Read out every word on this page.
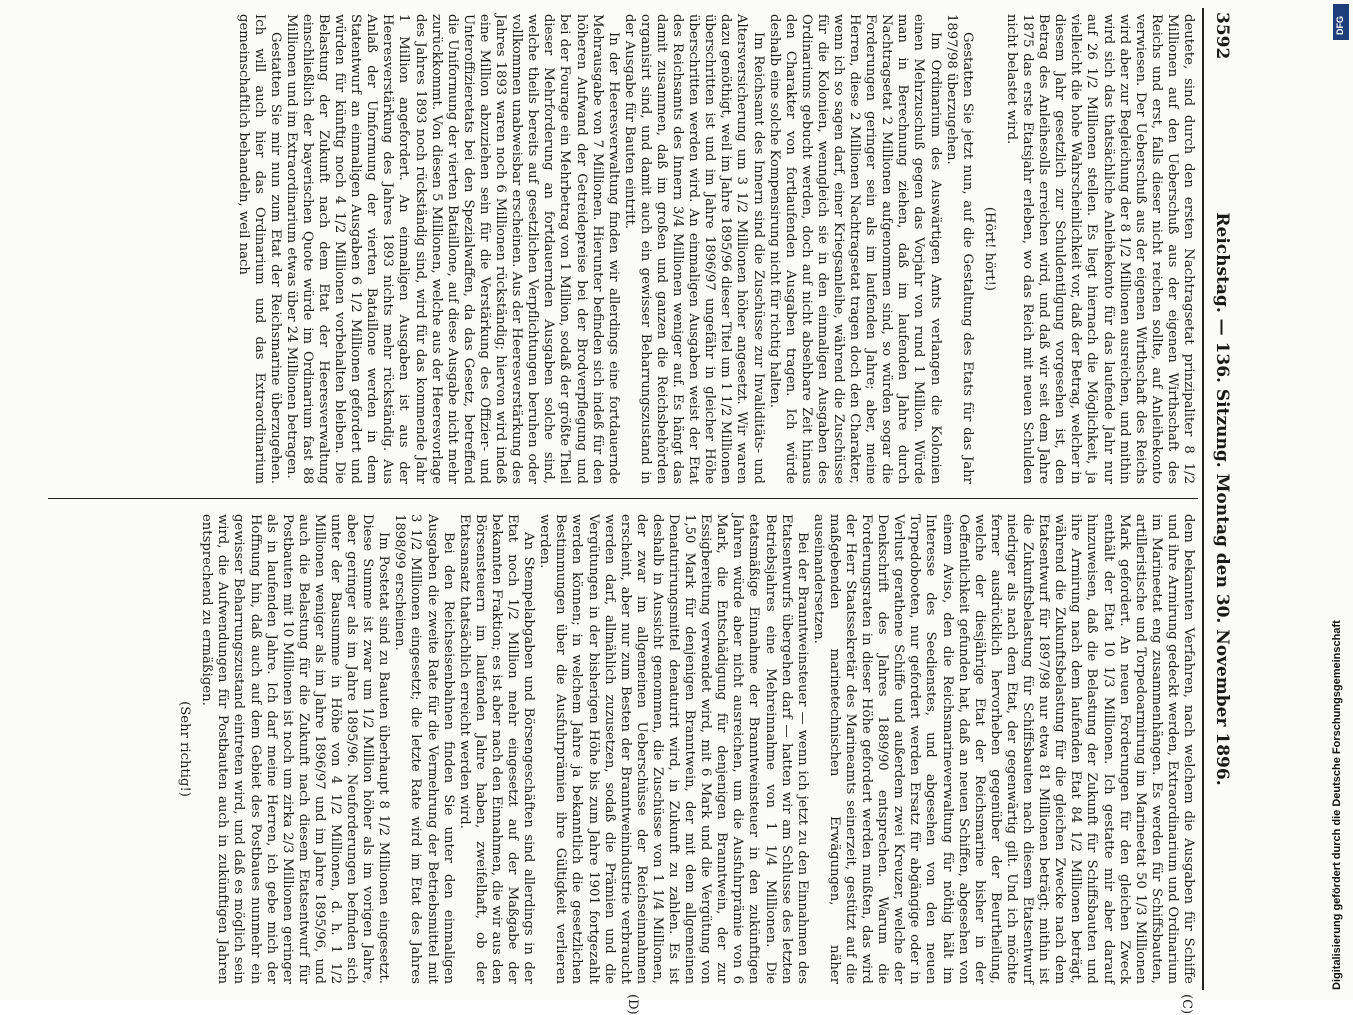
3592
Reichstag. — 136. Sitzung. Montag den 30. November 1896.
(C)
(D)

deutete, sind durch den ersten Nachtragsetat prinzipaliter 8 1/2 Millionen auf den Ueberschuß aus der eigenen Wirthschaft des Reichs und erst, falls dieser nicht reichen sollte, auf Anleihekonto verwiesen. Der Ueberschuß aus der eigenen Wirthschaft des Reichs wird aber zur Begleichung der 8 1/2 Millionen ausreichen, und mithin wird sich das thatsächliche Anleihekonto für das laufende Jahr nur auf 26 1/2 Millionen stellen. Es liegt hiernach die Möglichkeit, ja vielleicht die hohe Wahrscheinlichkeit vor, daß der Betrag, welcher in diesem Jahr gesetzlich zur Schuldentilgung vorgesehen ist, den Betrag des Anleihesolls erreichen wird, und daß wir seit dem Jahre 1875 das erste Etatsjahr erleben, wo das Reich mit neuen Schulden nicht belastet wird.

(Hört! hört!)

Gestatten Sie jetzt nun, auf die Gestaltung des Etats für das Jahr 1897/98 überzugehen.

Im Ordinarium des Auswärtigen Amts verlangen die Kolonien einen Mehrzuschuß gegen das Vorjahr von rund 1 Million. Würde man in Berechnung ziehen, daß im laufenden Jahre durch Nachtragsetat 2 Millionen aufgenommen sind, so würden sogar die Forderungen geringer sein als im laufenden Jahre; aber, meine Herren, diese 2 Millionen Nachtragsetat tragen doch den Charakter, wenn ich so sagen darf, einer Kriegsanleihe, während die Zuschüsse für die Kolonien, wenngleich sie in den einmaligen Ausgaben des Ordinariums gebucht werden, doch auf nicht absehbare Zeit hinaus den Charakter von fortlaufenden Ausgaben tragen. Ich würde deshalb eine solche Kompensirung nicht für richtig halten.

Im Reichsamt des Innern sind die Zuschüsse zur Invaliditäts- und Altersversicherung um 3 1/2 Millionen höher angesetzt. Wir waren dazu genöthigt, weil im Jahre 1895/96 dieser Titel um 1 1/2 Millionen überschritten ist und im Jahre 1896/97 ungefähr in gleicher Höhe überschritten werden wird. An einmaligen Ausgaben weist der Etat des Reichsamts des Innern 3/4 Millionen weniger auf. Es hängt das damit zusammen, daß im großen und ganzen die Reichsbehörden organisirt sind, und damit auch ein gewisser Beharrungszustand in der Ausgabe für Bauten eintritt.

In der Heeresverwaltung finden wir allerdings eine fortdauernde Mehrausgabe von 7 Millionen. Hierunter befinden sich indeß für den höheren Aufwand der Getreidepreise bei der Brodverpflegung und bei der Fourage ein Mehrbetrag von 1 Million, sodaß der größte Theil dieser Mehrforderung an fortdauernden Ausgaben solche sind, welche theils bereits auf gesetzlichen Verpflichtungen beruhen oder vollkommen unabweisbar erscheinen. Aus der Heeresverstärkung des Jahres 1893 waren noch 6 Millionen rückständig; hiervon wird indeß eine Million abzuziehen sein für die Verstärkung des Offizier- und Unteroffizieretats bei den Spezialwaffen, da das Gesetz, betreffend die Uniformung der vierten Bataillone, auf diese Ausgabe nicht mehr zurückkommt. Von diesen 5 Millionen, welche aus der Heeresvorlage des Jahres 1893 noch rückständig sind, wird für das kommende Jahr 1 Million angefordert. An einmaligen Ausgaben ist aus der Heeresverstärkung des Jahres 1893 nichts mehr rückständig. Aus Anlaß der Umformung der vierten Bataillone werden in dem Statentwurf an einmaligen Ausgaben 6 1/2 Millionen gefordert und würden für künftig noch 4 1/2 Millionen vorbehalten bleiben. Die Belastung der Zukunft nach dem Etat der Heeresverwaltung einschließlich der bayerischen Quote würde im Ordinarium fast 88 Millionen und im Extraordinarium etwas über 24 Millionen betragen.

Gestatten Sie mir nun zum Etat der Reichsmarine überzugehen. Ich will auch hier das Ordinarium und das Extraordinarium gemeinschaftlich behandeln, weil nach

dem bekannten Verfahren, nach welchem die Ausgaben für Schiffe und ihre Armirung gedeckt werden, Extraordinarium und Ordinarium im Marineetat eng zusammenhängen. Es werden für Schiffsbauten, artilleristische und Torpedoarmirung im Marineetat 50 1/3 Millionen Mark gefordert. An neuen Forderungen für den gleichen Zweck enthält der Etat 10 1/3 Millionen. Ich gestatte mir aber darauf hinzuweisen, daß die Belastung der Zukunft für Schiffsbauten und ihre Armirung nach dem laufenden Etat 84 1/2 Millionen beträgt, während die Zukunftsbelastung für die gleichen Zwecke nach dem Etatsentwurf für 1897/98 nur etwa 81 Millionen beträgt; mithin ist die Zukunftsbelastung für Schiffsbauten nach diesem Etatsentwurf niedriger als nach dem Etat, der gegenwärtig gilt. Und ich möchte ferner ausdrücklich hervorheben gegenüber der Beurtheilung, welche der diesjährige Etat der Reichsmarine bisher in der Oeffentlichkeit gefunden hat, daß an neuen Schiffen, abgesehen von einem Aviso, den die Reichsmarineverwaltung für nöthig hält im Interesse des Seedienstes, und abgesehen von den neuen Torpedobooten, nur gefordert werden Ersatz für abgängige oder in Verlust gerathene Schiffe und außerdem zwei Kreuzer, welche der Denkschrift des Jahres 1889/90 entsprechen. Warum die Forderungsraten in dieser Höhe gefordert werden mußten, das wird der Herr Staatssekretär des Marineamts seinerzeit, gestützt auf die maßgebenden marinetechnischen Erwägungen, näher auseinandersetzen.

Bei der Branntweinsteuer — wenn ich jetzt zu den Einnahmen des Etatsentwurfs übergehen darf — hatten wir am Schlusse des letzten Betriebsjahres eine Mehreinnahme von 1 1/4 Millionen. Die etatsmäßige Einnahme der Branntweinsteuer in den zukünftigen Jahren würde aber nicht ausreichen, um die Ausfuhrprämie von 6 Mark, die Entschädigung für denjenigen Branntwein, der zur Essigbereitung verwendet wird, mit 6 Mark und die Vergütung von 1,50 Mark für denjenigen Branntwein, der mit dem allgemeinen Denaturirungsmittel denaturirt wird, in Zukunft zu zahlen. Es ist deshalb in Aussicht genommen, die Zuschüsse von 1 1/4 Millionen, der zwar im allgemeinen Ueberschüsse der Reichseinnahmen erscheint, aber nur zum Besten der Branntweinindustrie verbraucht werden darf, allmählich zuzusetzen, sodaß die Prämien und die Vergütungen in der bisherigen Höhe bis zum Jahre 1901 fortgezahlt werden können; in welchem Jahre ja bekanntlich die gesetzlichen Bestimmungen über die Ausfuhrprämien ihre Gültigkeit verlieren werden.

An Stempelabgaben und Börsengeschäften sind allerdings in der Etat noch 1/2 Million mehr eingesetzt auf der Maßgabe der bekannten Fraktion; es ist aber nach den Einnahmen, die wir aus den Börsensteuern im laufenden Jahre haben, zweifelhaft, ob der Etatsansatz thatsächlich erreicht werden wird.

Bei den Reichseisenbahnen finden Sie unter den einmaligen Ausgaben die zweite Rate für die Vermehrung der Betriebsmittel mit 3 1/2 Millionen eingesetzt; die letzte Rate wird im Etat des Jahres 1898/99 erscheinen.

Im Postetat sind zu Bauten überhaupt 8 1/2 Millionen eingesetzt. Diese Summe ist zwar um 1/2 Million höher als im vorigen Jahre, aber geringer als im Jahre 1895/96. Neuforderungen befinden sich unter der Bausumme in Höhe von 4 1/2 Millionen, d. h. 1 1/2 Millionen weniger als im Jahre 1896/97 und im Jahre 1895/96, und auch die Belastung für die Zukunft nach diesem Etatsentwurf für Postbauten mit 10 Millionen ist noch um zirka 2/3 Millionen geringer als in laufenden Jahre. Ich darf meine Herren, ich gebe mich der Hoffnung hin, daß auch auf dem Gebiet des Postbaues nunmehr ein gewisser Beharrungszustand eintreten wird, und daß es möglich sein wird, die Aufwendungen für Postbauten auch in zukünftigen Jahren entsprechend zu ermäßigen.

(Sehr richtig!)

DFG
Digitalisierung gefördert durch die Deutsche Forschungsgemeinschaft
